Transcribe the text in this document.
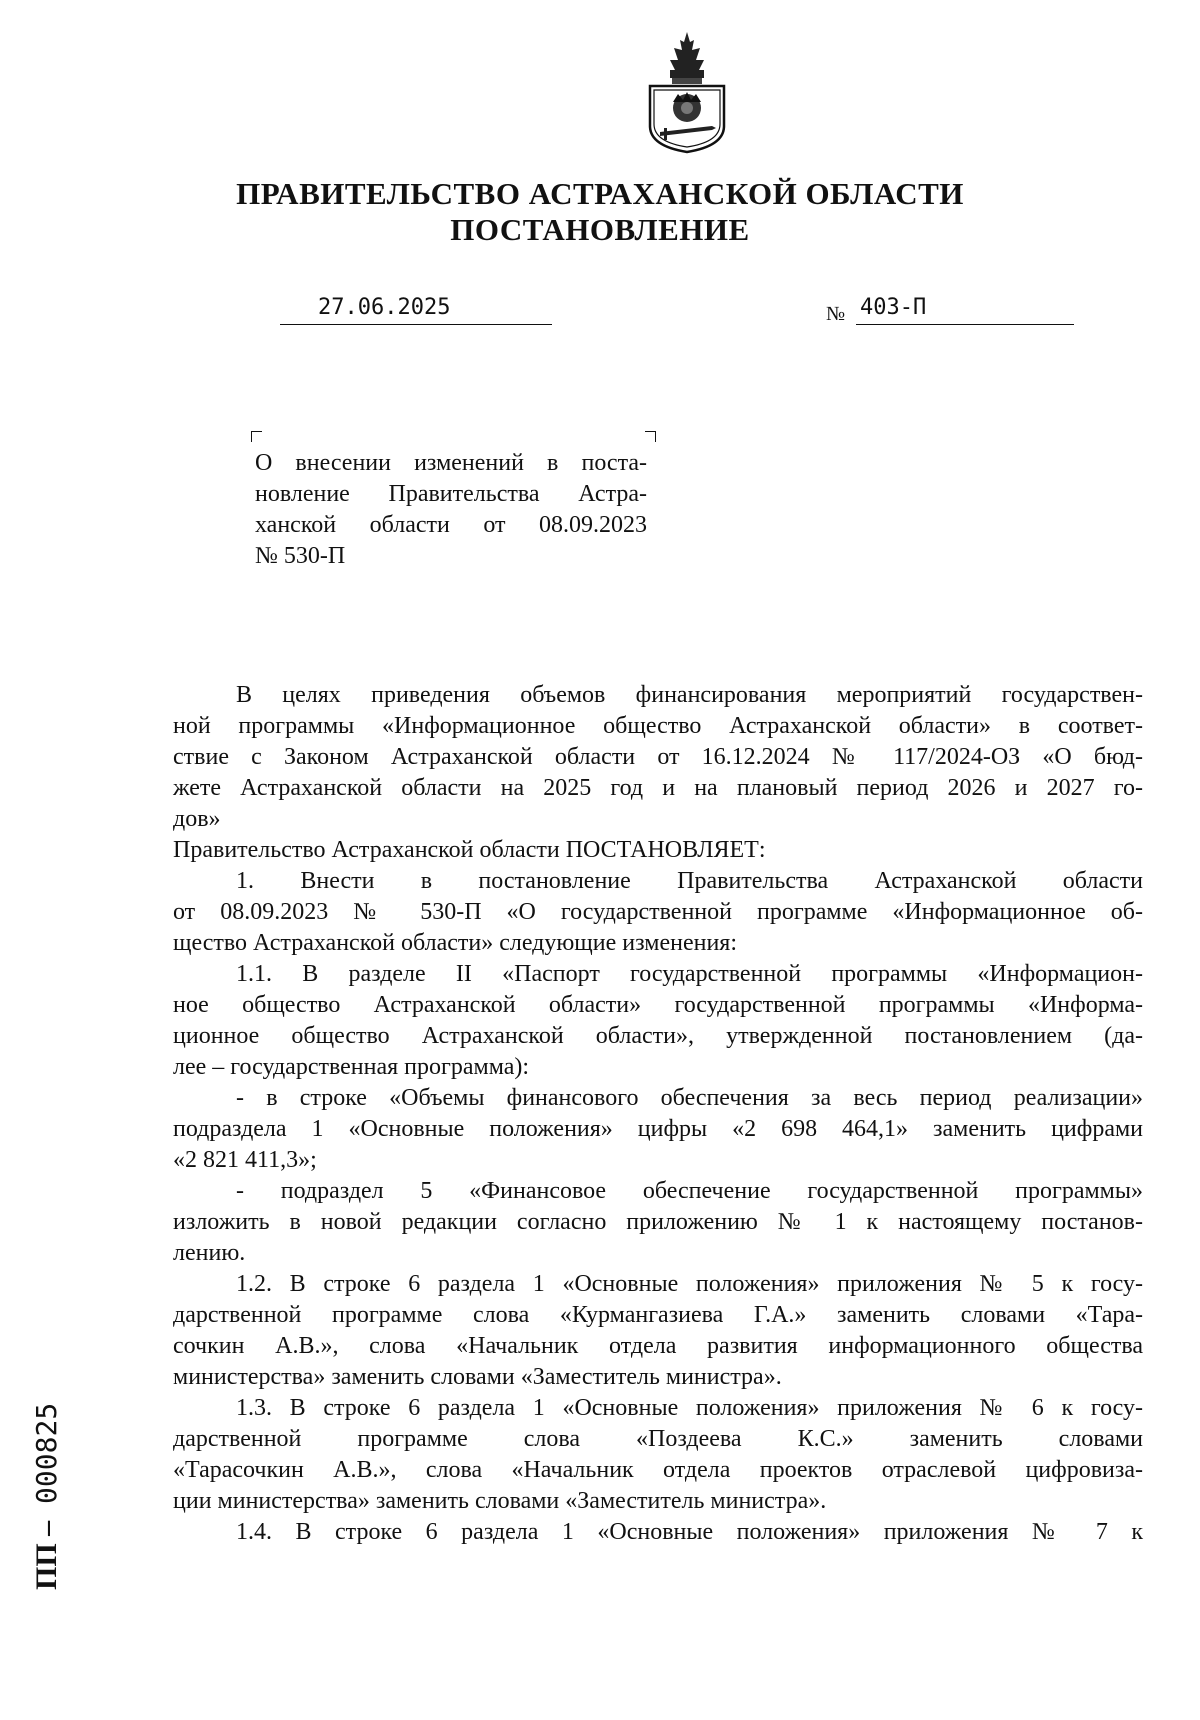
ПРАВИТЕЛЬСТВО АСТРАХАНСКОЙ ОБЛАСТИ
ПОСТАНОВЛЕНИЕ
27.06.2025	№ 403-П
О внесении изменений в поста-
новление Правительства Астра-
ханской области от 08.09.2023
№ 530-П
В целях приведения объемов финансирования мероприятий государствен-
ной программы «Информационное общество Астраханской области» в соответ-
ствие с Законом Астраханской области от 16.12.2024 № 117/2024-ОЗ «О бюд-
жете Астраханской области на 2025 год и на плановый период 2026 и 2027 го-
дов»
Правительство Астраханской области ПОСТАНОВЛЯЕТ:
1. Внести в постановление Правительства Астраханской области
от 08.09.2023 № 530-П «О государственной программе «Информационное об-
щество Астраханской области» следующие изменения:
1.1. В разделе II «Паспорт государственной программы «Информацион-
ное общество Астраханской области» государственной программы «Информа-
ционное общество Астраханской области», утвержденной постановлением (да-
лее – государственная программа):
- в строке «Объемы финансового обеспечения за весь период реализации»
подраздела 1 «Основные положения» цифры «2 698 464,1» заменить цифрами
«2 821 411,3»;
- подраздел 5 «Финансовое обеспечение государственной программы»
изложить в новой редакции согласно приложению № 1 к настоящему постанов-
лению.
1.2. В строке 6 раздела 1 «Основные положения» приложения № 5 к госу-
дарственной программе слова «Курмангазиева Г.А.» заменить словами «Тара-
сочкин А.В.», слова «Начальник отдела развития информационного общества
министерства» заменить словами «Заместитель министра».
1.3. В строке 6 раздела 1 «Основные положения» приложения № 6 к госу-
дарственной программе слова «Поздеева К.С.» заменить словами
«Тарасочкин А.В.», слова «Начальник отдела проектов отраслевой цифровиза-
ции министерства» заменить словами «Заместитель министра».
1.4. В строке 6 раздела 1 «Основные положения» приложения № 7 к
ПП – 000825
